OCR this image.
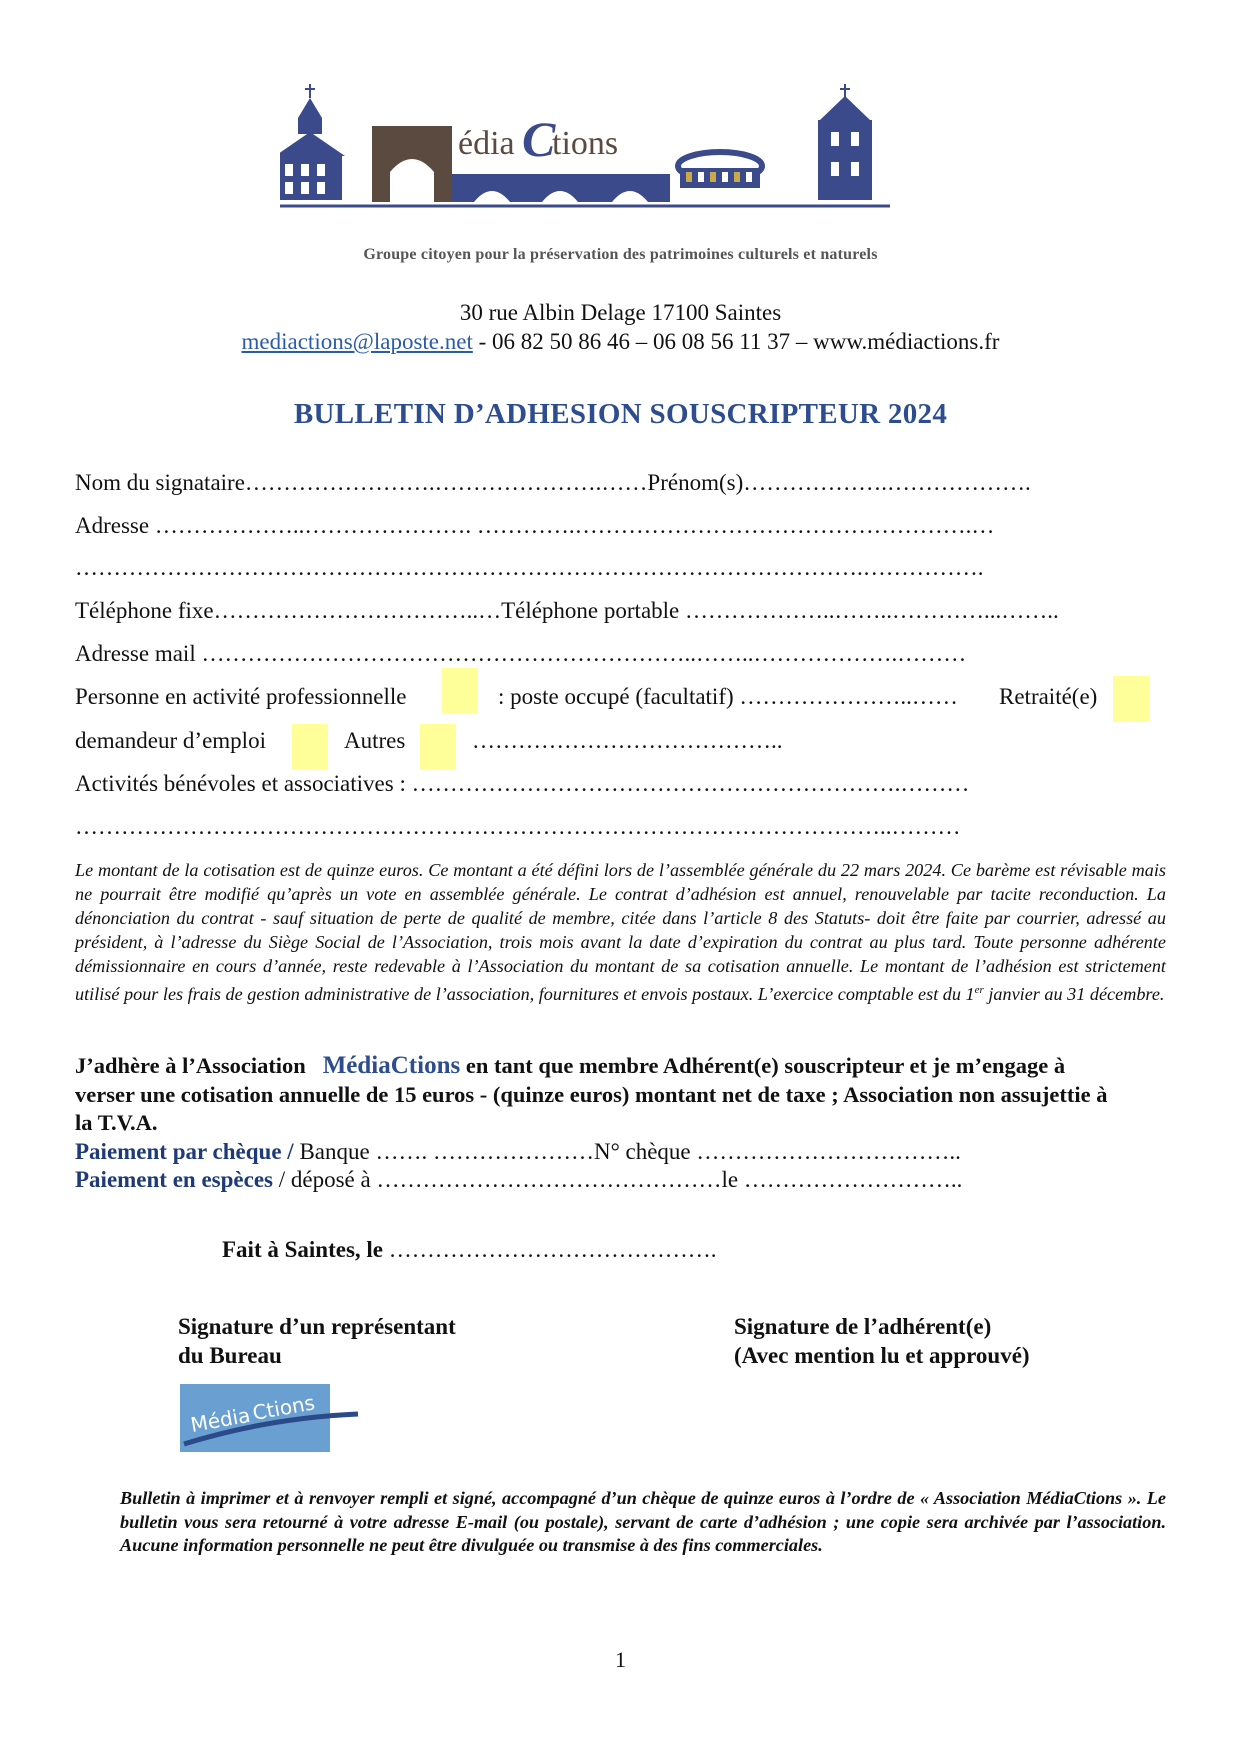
édia C
tions
Groupe citoyen pour la préservation des patrimoines culturels et naturels
30 rue Albin Delage 17100 Saintes
mediactions@laposte.net - 06 82 50 86 46 – 06 08 56 11 37 – www.médiactions.fr
BULLETIN D’ADHESION SOUSCRIPTEUR 2024
Nom du signataire…………………….………………….……Prénom(s)……………….……………….
Adresse ………………..…………………. ………….…………………………………………….…
………………………………………………………………………………………….…………….
Téléphone fixe……………………………..…Téléphone portable ………………..……..…………...……..
Adresse mail ………………………………………………………..……..……………….………
Personne en activité professionnelle	: poste occupé (facultatif) …………………..……	Retraité(e)
demandeur d’emploi	Autres	…………………………………..
Activités bénévoles et associatives : ……………………………………………………….………
……………………………………………………………………………………………..………

Le montant de la cotisation est de quinze euros. Ce montant a été défini lors de l’assemblée générale du 22 mars 2024. Ce barème est révisable mais ne pourrait être modifié qu’après un vote en assemblée générale. Le contrat d’adhésion est annuel, renouvelable par tacite reconduction. La dénonciation du contrat - sauf situation de perte de qualité de membre, citée dans l’article 8 des Statuts- doit être faite par courrier, adressé au président, à l’adresse du Siège Social de l’Association, trois mois avant la date d’expiration du contrat au plus tard. Toute personne adhérente démissionnaire en cours d’année, reste redevable à l’Association du montant de sa cotisation annuelle. Le montant de l’adhésion est strictement utilisé pour les frais de gestion administrative de l’association, fournitures et envois postaux. L’exercice comptable est du 1er janvier au 31 décembre.

J’adhère à l’Association MédiaCtions en tant que membre Adhérent(e) souscripteur et je m’engage à verser une cotisation annuelle de 15 euros - (quinze euros) montant net de taxe ; Association non assujettie à la T.V.A.

Paiement par chèque / Banque ……. …………………N° chèque ……………………………..
Paiement en espèces / déposé à ………………………………………le ………………………..
Fait à Saintes, le …………………………………….
Signature d’un représentant
du Bureau
Signature de l’adhérent(e)
(Avec mention lu et approuvé)
Média
Ctions

Bulletin à imprimer et à renvoyer rempli et signé, accompagné d’un chèque de quinze euros à l’ordre de « Association MédiaCtions ». Le bulletin vous sera retourné à votre adresse E-mail (ou postale), servant de carte d’adhésion ; une copie sera archivée par l’association. Aucune information personnelle ne peut être divulguée ou transmise à des fins commerciales.

1
